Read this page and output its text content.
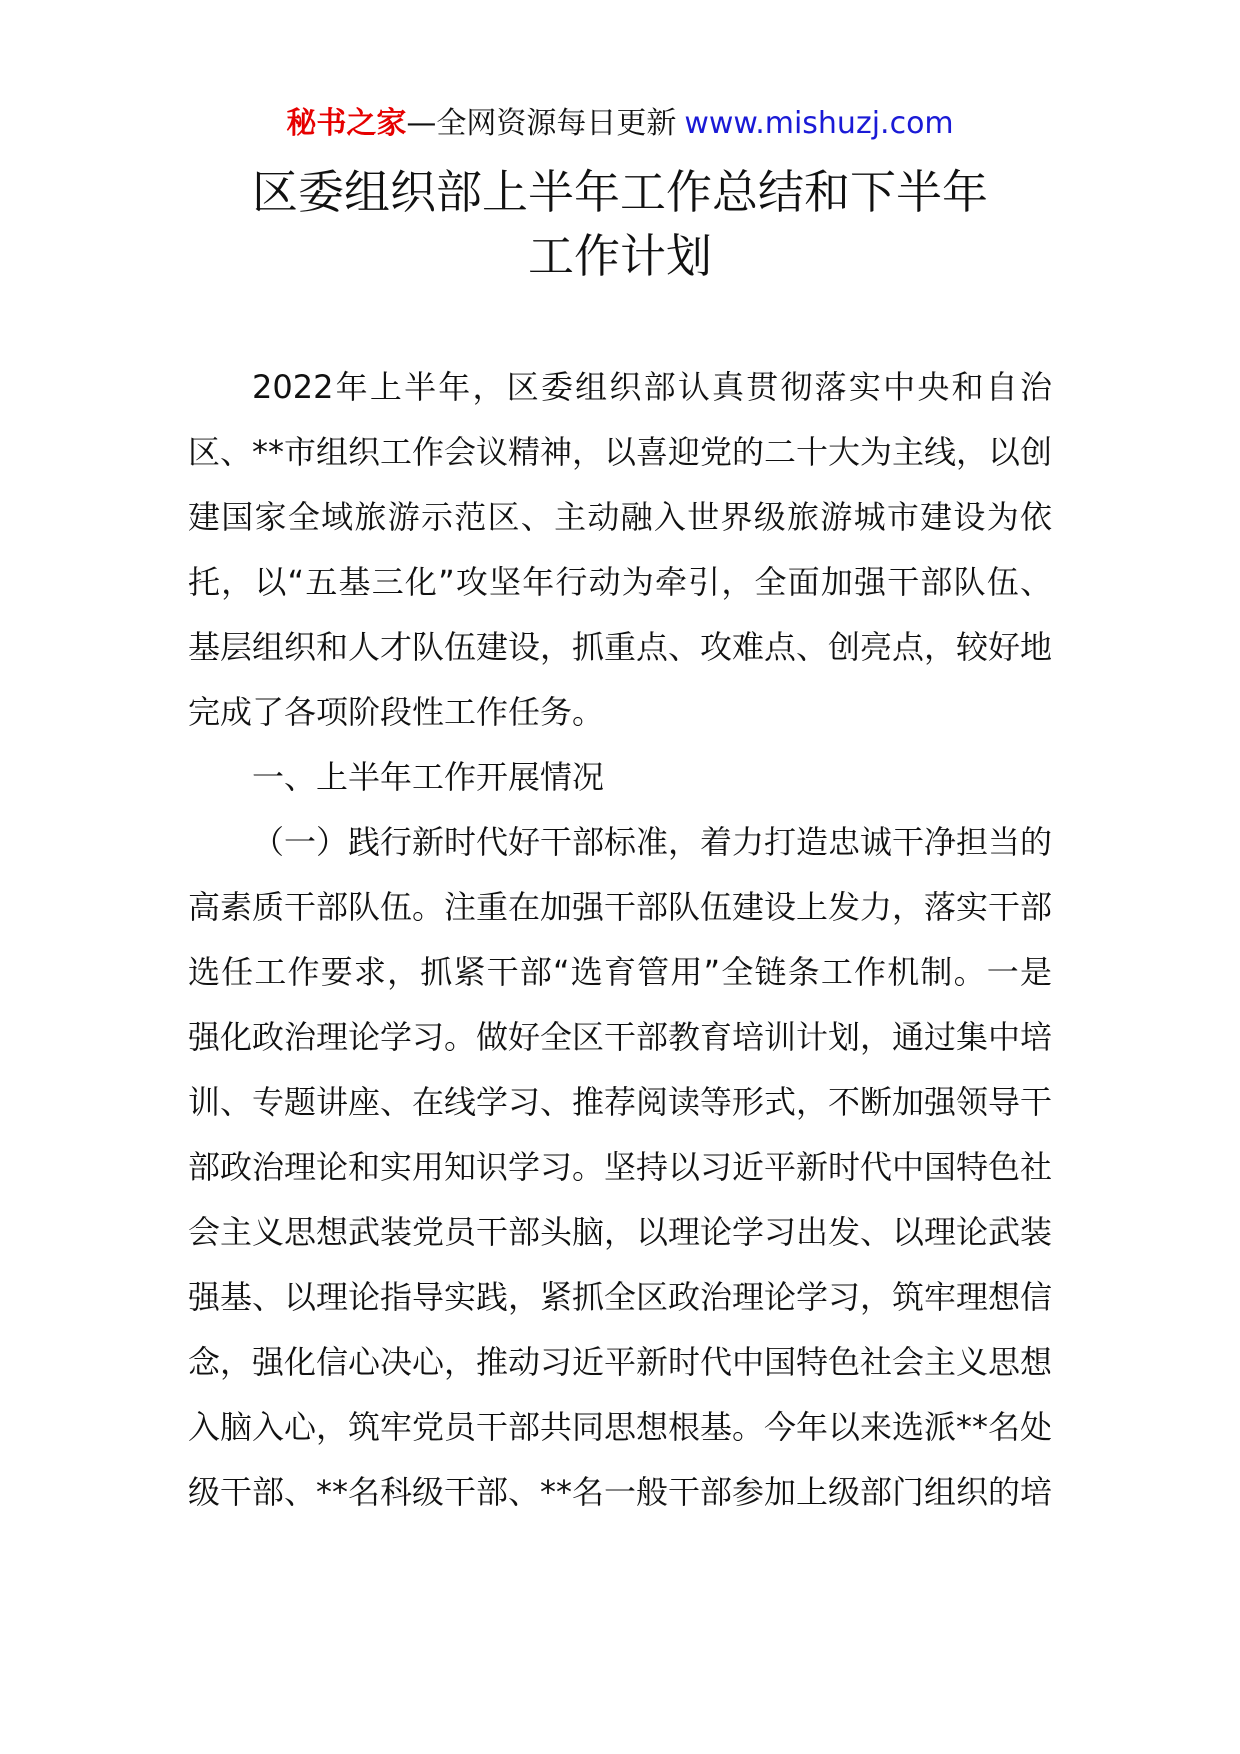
秘书之家—全网资源每日更新 www.mishuzj.com
区委组织部上半年工作总结和下半年
工作计划

2022年上半年，区委组织部认真贯彻落实中央和自治区、**市组织工作会议精神，以喜迎党的二十大为主线，以创建国家全域旅游示范区、主动融入世界级旅游城市建设为依托，以“五基三化”攻坚年行动为牵引，全面加强干部队伍、基层组织和人才队伍建设，抓重点、攻难点、创亮点，较好地完成了各项阶段性工作任务。

一、上半年工作开展情况

（一）践行新时代好干部标准，着力打造忠诚干净担当的高素质干部队伍。注重在加强干部队伍建设上发力，落实干部选任工作要求，抓紧干部“选育管用”全链条工作机制。一是强化政治理论学习。做好全区干部教育培训计划，通过集中培训、专题讲座、在线学习、推荐阅读等形式，不断加强领导干部政治理论和实用知识学习。坚持以习近平新时代中国特色社会主义思想武装党员干部头脑，以理论学习出发、以理论武装强基、以理论指导实践，紧抓全区政治理论学习，筑牢理想信念，强化信心决心，推动习近平新时代中国特色社会主义思想入脑入心，筑牢党员干部共同思想根基。今年以来选派**名处级干部、**名科级干部、**名一般干部参加上级部门组织的培
